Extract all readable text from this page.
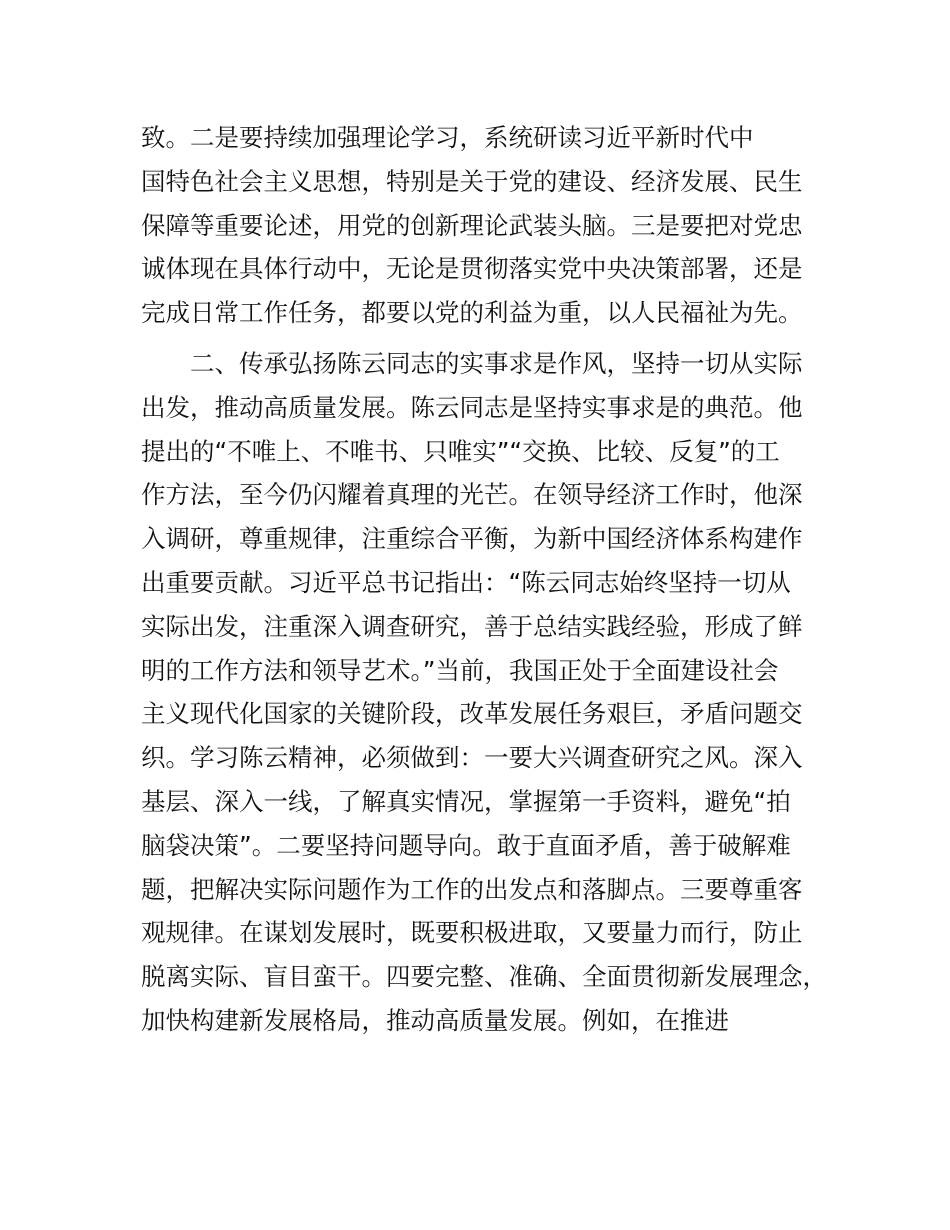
致。二是要持续加强理论学习，系统研读习近平新时代中
国特色社会主义思想，特别是关于党的建设、经济发展、民生
保障等重要论述，用党的创新理论武装头脑。三是要把对党忠
诚体现在具体行动中，无论是贯彻落实党中央决策部署，还是
完成日常工作任务，都要以党的利益为重，以人民福祉为先。
二、传承弘扬陈云同志的实事求是作风，坚持一切从实际
出发，推动高质量发展。陈云同志是坚持实事求是的典范。他
提出的“不唯上、不唯书、只唯实”“交换、比较、反复”的工
作方法，至今仍闪耀着真理的光芒。在领导经济工作时，他深
入调研，尊重规律，注重综合平衡，为新中国经济体系构建作
出重要贡献。习近平总书记指出：“陈云同志始终坚持一切从
实际出发，注重深入调查研究，善于总结实践经验，形成了鲜
明的工作方法和领导艺术。”当前，我国正处于全面建设社会
主义现代化国家的关键阶段，改革发展任务艰巨，矛盾问题交
织。学习陈云精神，必须做到：一要大兴调查研究之风。深入
基层、深入一线，了解真实情况，掌握第一手资料，避免“拍
脑袋决策”。二要坚持问题导向。敢于直面矛盾，善于破解难
题，把解决实际问题作为工作的出发点和落脚点。三要尊重客
观规律。在谋划发展时，既要积极进取，又要量力而行，防止
脱离实际、盲目蛮干。四要完整、准确、全面贯彻新发展理念，
加快构建新发展格局，推动高质量发展。例如，在推进
